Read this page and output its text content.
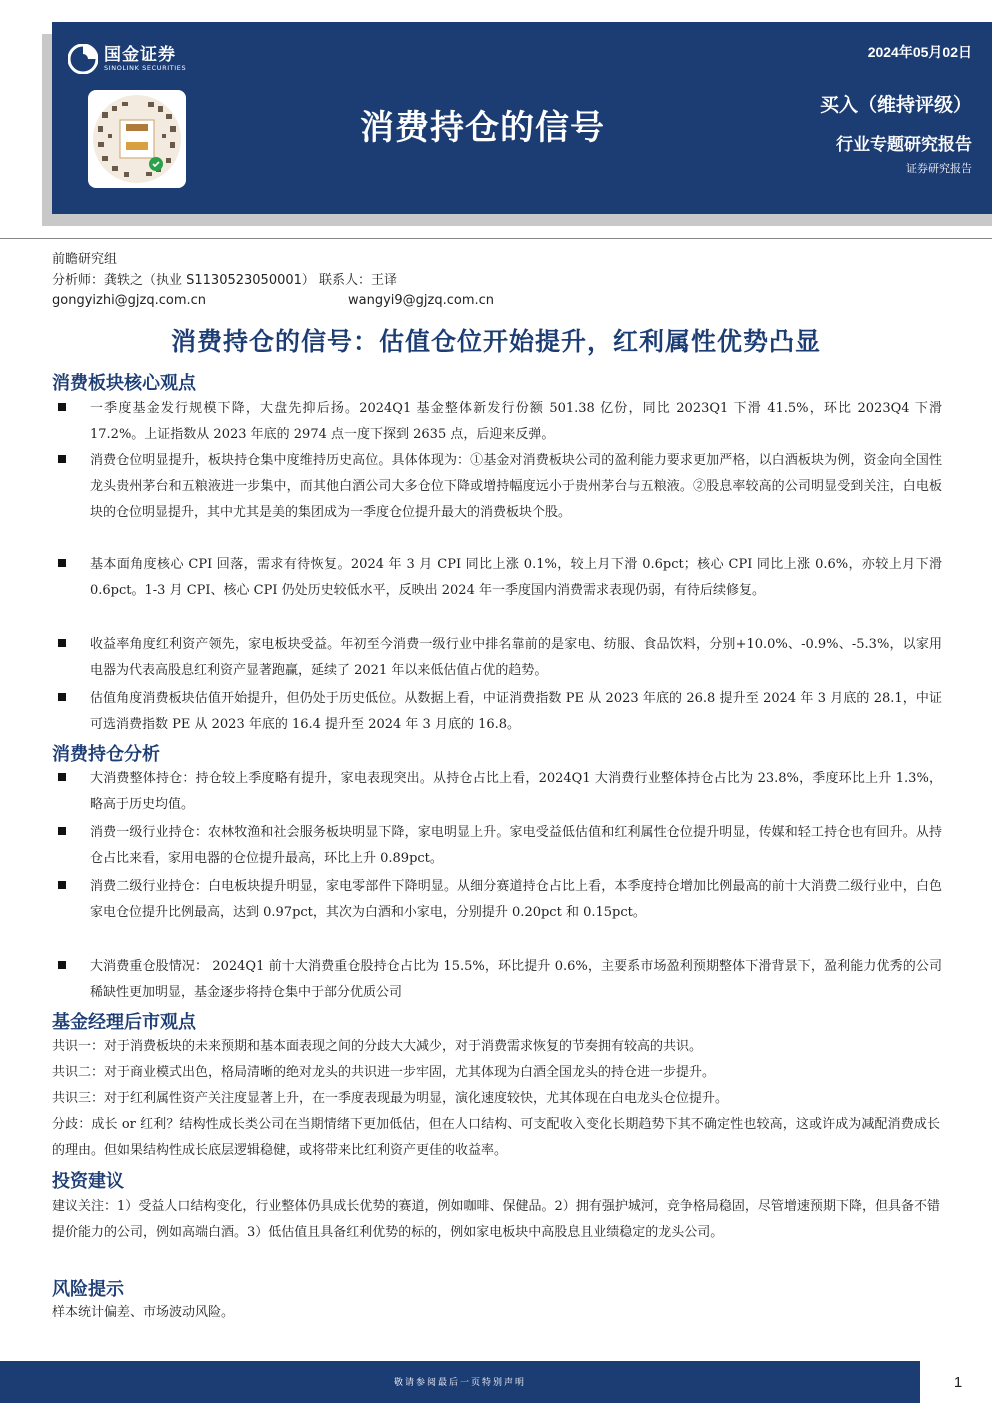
国金证券
SINOLINK SECURITIES
2024年05月02日
消费持仓的信号
买入（维持评级）
行业专题研究报告
证券研究报告
前瞻研究组
分析师：龚轶之（执业 S1130523050001） 联系人：王译
gongyizhi@gjzq.com.cn	wangyi9@gjzq.com.cn
消费持仓的信号：估值仓位开始提升，红利属性优势凸显
消费板块核心观点
一季度基金发行规模下降，大盘先抑后扬。2024Q1 基金整体新发行份额 501.38 亿份，同比 2023Q1 下滑 41.5%，环比 2023Q4 下滑 17.2%。上证指数从 2023 年底的 2974 点一度下探到 2635 点，后迎来反弹。
消费仓位明显提升，板块持仓集中度维持历史高位。具体体现为：①基金对消费板块公司的盈利能力要求更加严格，以白酒板块为例，资金向全国性龙头贵州茅台和五粮液进一步集中，而其他白酒公司大多仓位下降或增持幅度远小于贵州茅台与五粮液。②股息率较高的公司明显受到关注，白电板块的仓位明显提升，其中尤其是美的集团成为一季度仓位提升最大的消费板块个股。
基本面角度核心 CPI 回落，需求有待恢复。2024 年 3 月 CPI 同比上涨 0.1%，较上月下滑 0.6pct；核心 CPI 同比上涨 0.6%，亦较上月下滑 0.6pct。1-3 月 CPI、核心 CPI 仍处历史较低水平，反映出 2024 年一季度国内消费需求表现仍弱，有待后续修复。
收益率角度红利资产领先，家电板块受益。年初至今消费一级行业中排名靠前的是家电、纺服、食品饮料，分别+10.0%、-0.9%、-5.3%，以家用电器为代表高股息红利资产显著跑赢，延续了 2021 年以来低估值占优的趋势。
估值角度消费板块估值开始提升，但仍处于历史低位。从数据上看，中证消费指数 PE 从 2023 年底的 26.8 提升至 2024 年 3 月底的 28.1，中证可选消费指数 PE 从 2023 年底的 16.4 提升至 2024 年 3 月底的 16.8。
消费持仓分析
大消费整体持仓：持仓较上季度略有提升，家电表现突出。从持仓占比上看，2024Q1 大消费行业整体持仓占比为 23.8%，季度环比上升 1.3%，略高于历史均值。
消费一级行业持仓：农林牧渔和社会服务板块明显下降，家电明显上升。家电受益低估值和红利属性仓位提升明显，传媒和轻工持仓也有回升。从持仓占比来看，家用电器的仓位提升最高，环比上升 0.89pct。
消费二级行业持仓：白电板块提升明显，家电零部件下降明显。从细分赛道持仓占比上看，本季度持仓增加比例最高的前十大消费二级行业中，白色家电仓位提升比例最高，达到 0.97pct，其次为白酒和小家电，分别提升 0.20pct 和 0.15pct。
大消费重仓股情况： 2024Q1 前十大消费重仓股持仓占比为 15.5%，环比提升 0.6%，主要系市场盈利预期整体下滑背景下，盈利能力优秀的公司稀缺性更加明显，基金逐步将持仓集中于部分优质公司
基金经理后市观点
共识一：对于消费板块的未来预期和基本面表现之间的分歧大大减少，对于消费需求恢复的节奏拥有较高的共识。
共识二：对于商业模式出色，格局清晰的绝对龙头的共识进一步牢固，尤其体现为白酒全国龙头的持仓进一步提升。
共识三：对于红利属性资产关注度显著上升，在一季度表现最为明显，演化速度较快，尤其体现在白电龙头仓位提升。
分歧：成长 or 红利？结构性成长类公司在当期情绪下更加低估，但在人口结构、可支配收入变化长期趋势下其不确定性也较高，这或许成为减配消费成长的理由。但如果结构性成长底层逻辑稳健，或将带来比红利资产更佳的收益率。
投资建议
建议关注：1）受益人口结构变化，行业整体仍具成长优势的赛道，例如咖啡、保健品。2）拥有强护城河，竞争格局稳固，尽管增速预期下降，但具备不错提价能力的公司，例如高端白酒。3）低估值且具备红利优势的标的，例如家电板块中高股息且业绩稳定的龙头公司。
风险提示
样本统计偏差、市场波动风险。
敬请参阅最后一页特别声明	1
